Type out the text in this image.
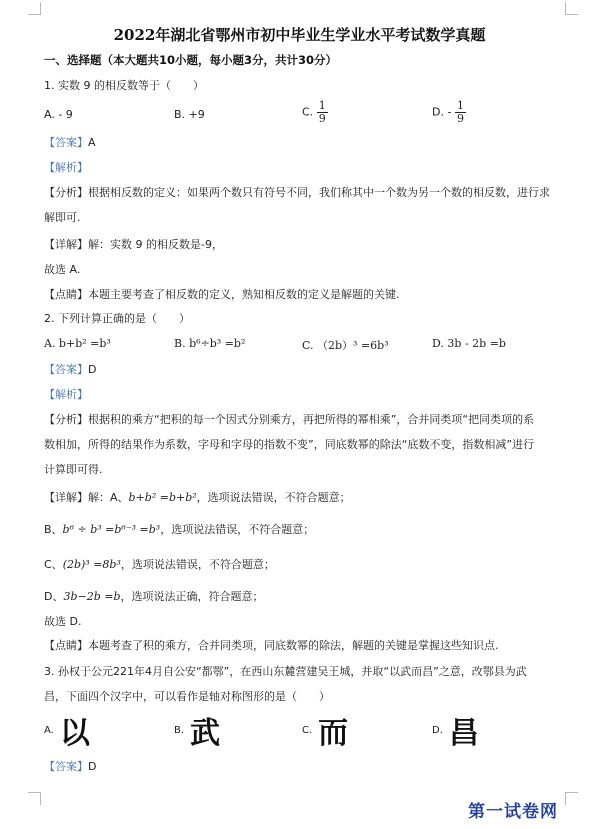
2022年湖北省鄂州市初中毕业生学业水平考试数学真题
一、选择题（本大题共10小题，每小题3分，共计30分）
1. 实数 9 的相反数等于（　　）
A. - 9	B. +9	C. $\frac{1}{9}$	D. - $\frac{1}{9}$
【答案】A
【解析】
【分析】根据相反数的定义：如果两个数只有符号不同，我们称其中一个数为另一个数的相反数，进行求
解即可.
【详解】解：实数 9 的相反数是-9，
故选 A.
【点睛】本题主要考查了相反数的定义，熟知相反数的定义是解题的关键.
2. 下列计算正确的是（　　）
A. b+b² =b³	B. b⁶÷b³ =b²	C. （2b）³ =6b³	D. 3b - 2b =b
【答案】D
【解析】
【分析】根据积的乘方“把积的每一个因式分别乘方，再把所得的幂相乘”，合并同类项“把同类项的系
数相加，所得的结果作为系数，字母和字母的指数不变”，同底数幂的除法“底数不变，指数相减”进行
计算即可得.
【详解】解：A、b+b² =b+b²，选项说法错误，不符合题意；
B、b⁶ ÷ b³ =b⁶⁻³ =b³，选项说法错误，不符合题意；
C、(2b)³ =8b³，选项说法错误，不符合题意；
D、3b−2b =b，选项说法正确，符合题意；
故选 D.
【点睛】本题考查了积的乘方，合并同类项，同底数幂的除法，解题的关键是掌握这些知识点.
3. 孙权于公元221年4月自公安“都鄂”，在西山东麓营建吴王城，并取“以武而昌”之意，改鄂县为武
昌，下面四个汉字中，可以看作是轴对称图形的是（　　）
A. 以	B. 武	C. 而	D. 昌
【答案】D
第一试卷网
